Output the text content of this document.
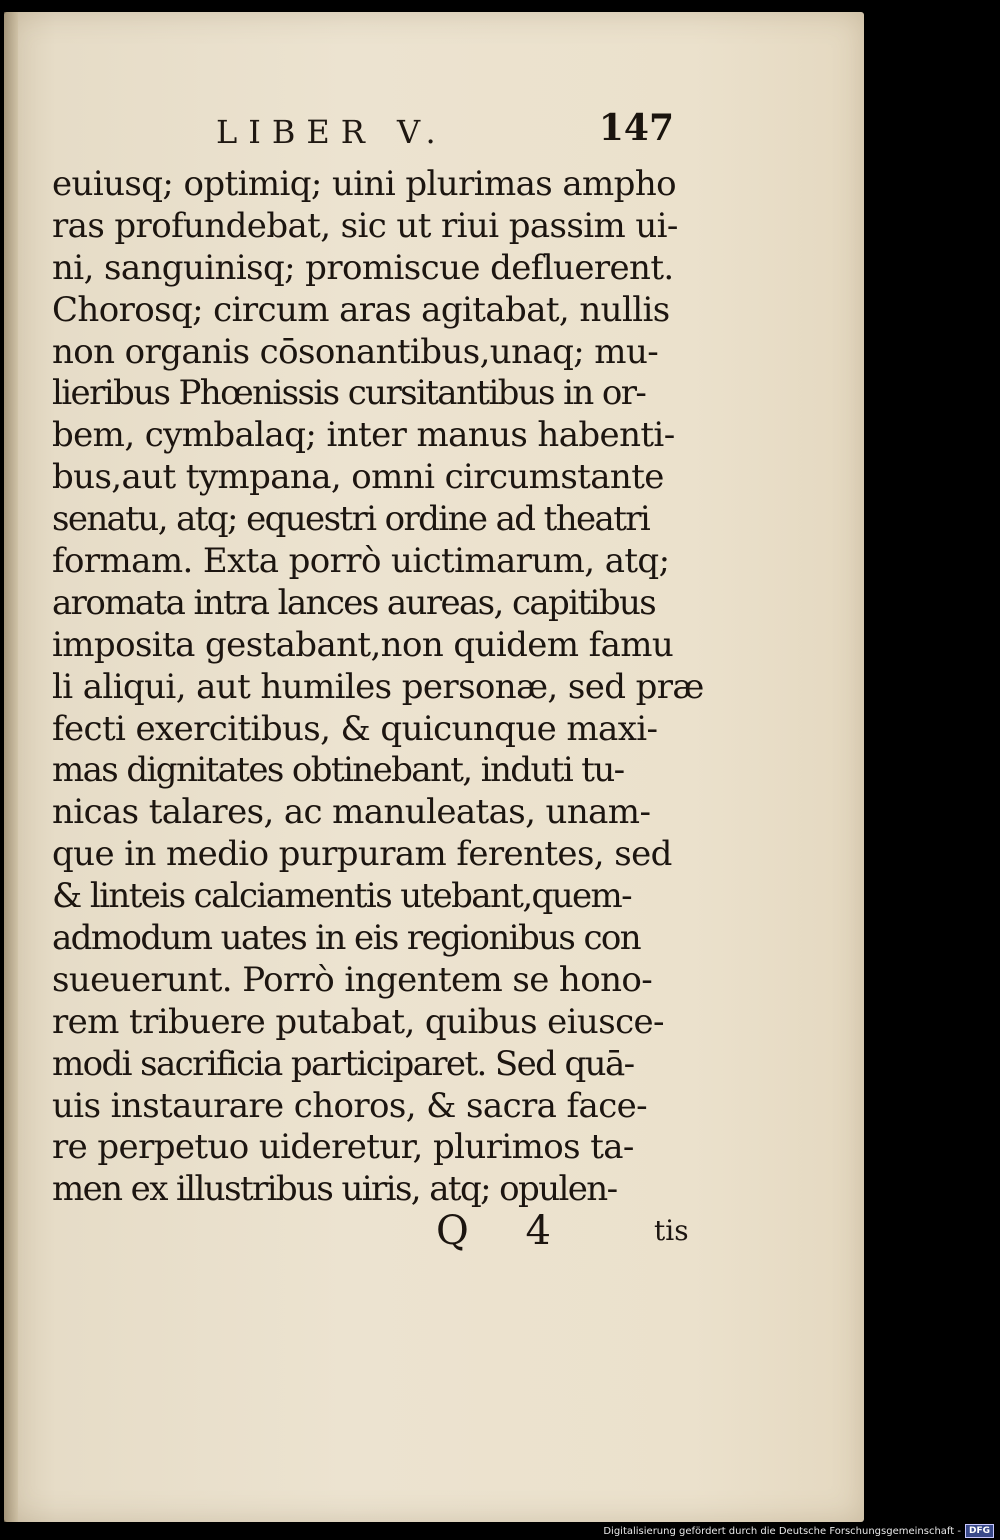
LIBER V.	147
euiusq; optimiq; uini plurimas ampho
ras profundebat, sic ut riui passim ui-
ni, sanguinisq; promiscue defluerent.
Chorosq; circum aras agitabat, nullis
non organis cōsonantibus,unaq; mu-
lieribus Phœnissis cursitantibus in or-
bem, cymbalaq; inter manus habenti-
bus,aut tympana, omni circumstante
senatu, atq; equestri ordine ad theatri
formam. Exta porrò uictimarum, atq;
aromata intra lances aureas, capitibus
imposita gestabant,non quidem famu
li aliqui, aut humiles personæ, sed præ
fecti exercitibus, & quicunque maxi-
mas dignitates obtinebant, induti tu-
nicas talares, ac manuleatas, unam-
que in medio purpuram ferentes, sed
& linteis calciamentis utebant,quem-
admodum uates in eis regionibus con
sueuerunt. Porrò ingentem se hono-
rem tribuere putabat, quibus eiusce-
modi sacrificia participaret. Sed quā-
uis instaurare choros, & sacra face-
re perpetuo uideretur, plurimos ta-
men ex illustribus uiris, atq; opulen-
Q 4	tis
Digitalisierung gefördert durch die Deutsche Forschungsgemeinschaft - DFG
